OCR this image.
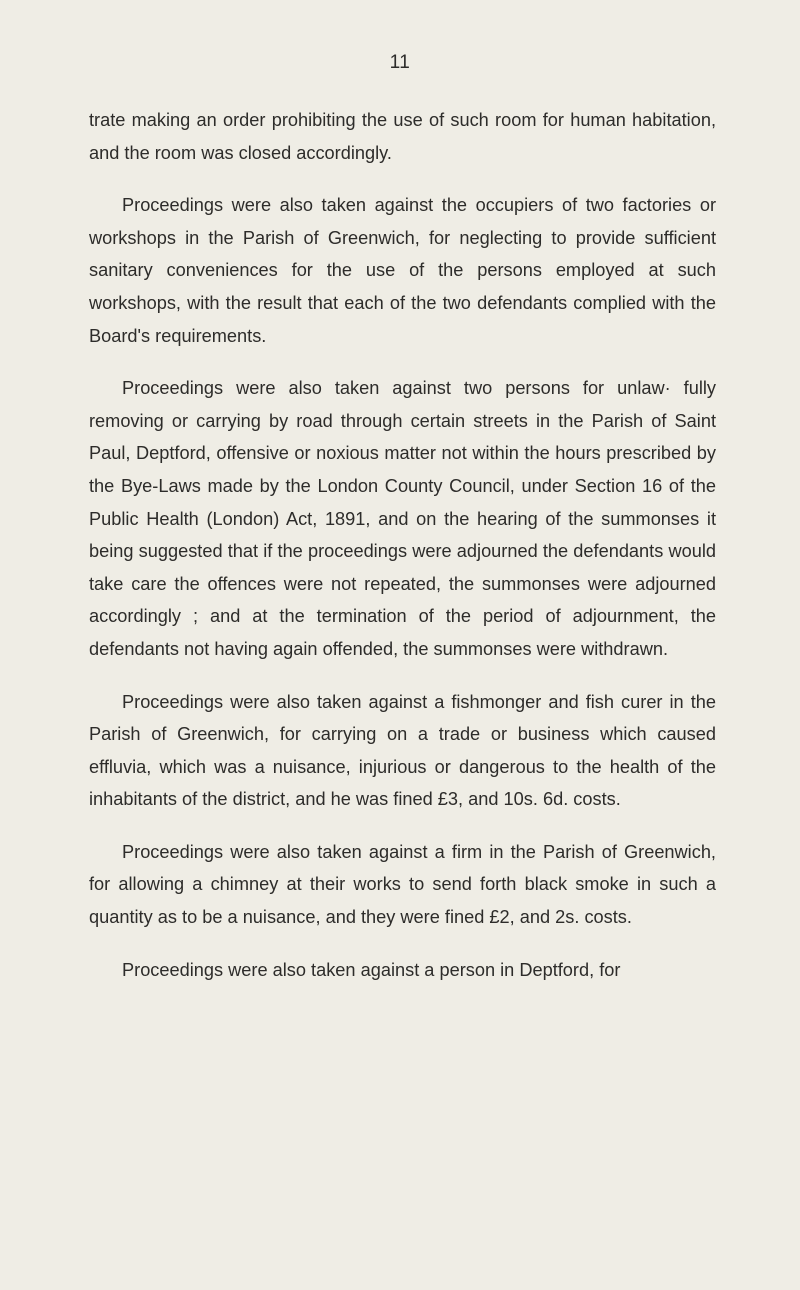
11

trate making an order prohibiting the use of such room for human habitation, and the room was closed accordingly.

Proceedings were also taken against the occupiers of two factories or workshops in the Parish of Greenwich, for neglecting to provide sufficient sanitary conveniences for the use of the persons employed at such workshops, with the result that each of the two defendants complied with the Board's requirements.

Proceedings were also taken against two persons for unlaw· fully removing or carrying by road through certain streets in the Parish of Saint Paul, Deptford, offensive or noxious matter not within the hours prescribed by the Bye-Laws made by the London County Council, under Section 16 of the Public Health (London) Act, 1891, and on the hearing of the summonses it being suggested that if the proceedings were adjourned the defendants would take care the offences were not repeated, the summonses were adjourned accordingly ; and at the termination of the period of adjournment, the defendants not having again offended, the summonses were withdrawn.

Proceedings were also taken against a fishmonger and fish curer in the Parish of Greenwich, for carrying on a trade or business which caused effluvia, which was a nuisance, injurious or dangerous to the health of the inhabitants of the district, and he was fined £3, and 10s. 6d. costs.

Proceedings were also taken against a firm in the Parish of Greenwich, for allowing a chimney at their works to send forth black smoke in such a quantity as to be a nuisance, and they were fined £2, and 2s. costs.

Proceedings were also taken against a person in Deptford, for
